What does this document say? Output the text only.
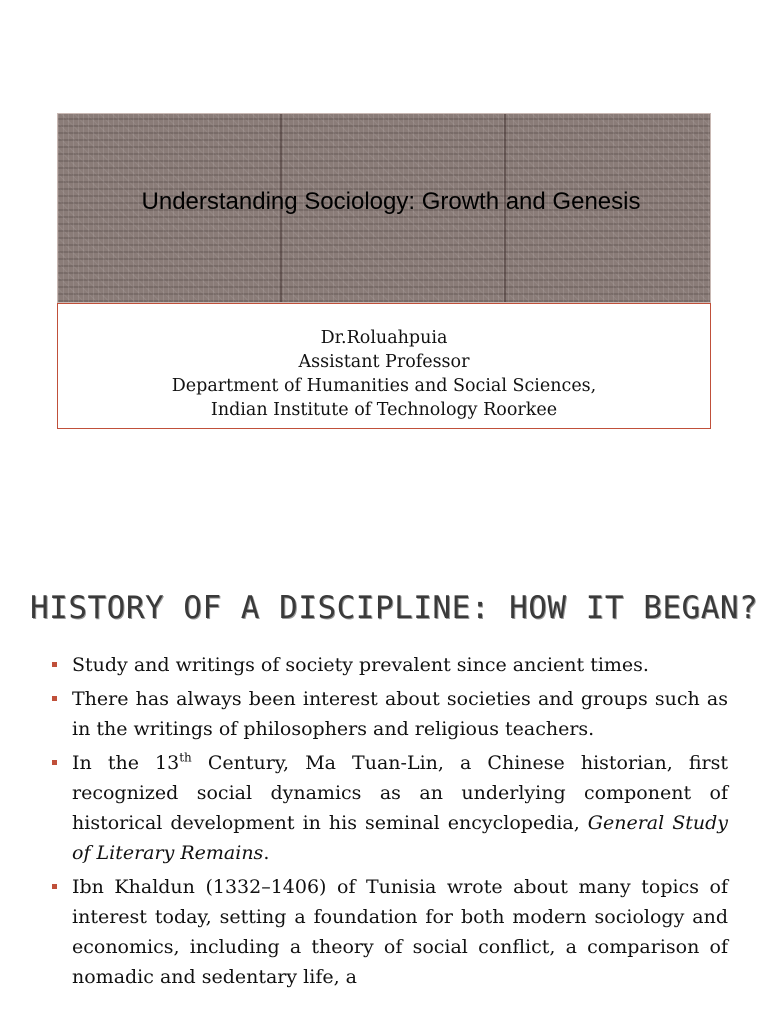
Understanding Sociology: Growth and Genesis
Dr.Roluahpuia
Assistant Professor
Department of Humanities and Social Sciences,
Indian Institute of Technology Roorkee
HISTORY OF A DISCIPLINE: HOW IT BEGAN?
Study and writings of society prevalent since ancient times.
There has always been interest about societies and groups such as in the writings of philosophers and religious teachers.
In the 13th Century, Ma Tuan-Lin, a Chinese historian, first recognized social dynamics as an underlying component of historical development in his seminal encyclopedia, General Study of Literary Remains.
Ibn Khaldun (1332–1406) of Tunisia wrote about many topics of interest today, setting a foundation for both modern sociology and economics, including a theory of social conflict, a comparison of nomadic and sedentary life, a
